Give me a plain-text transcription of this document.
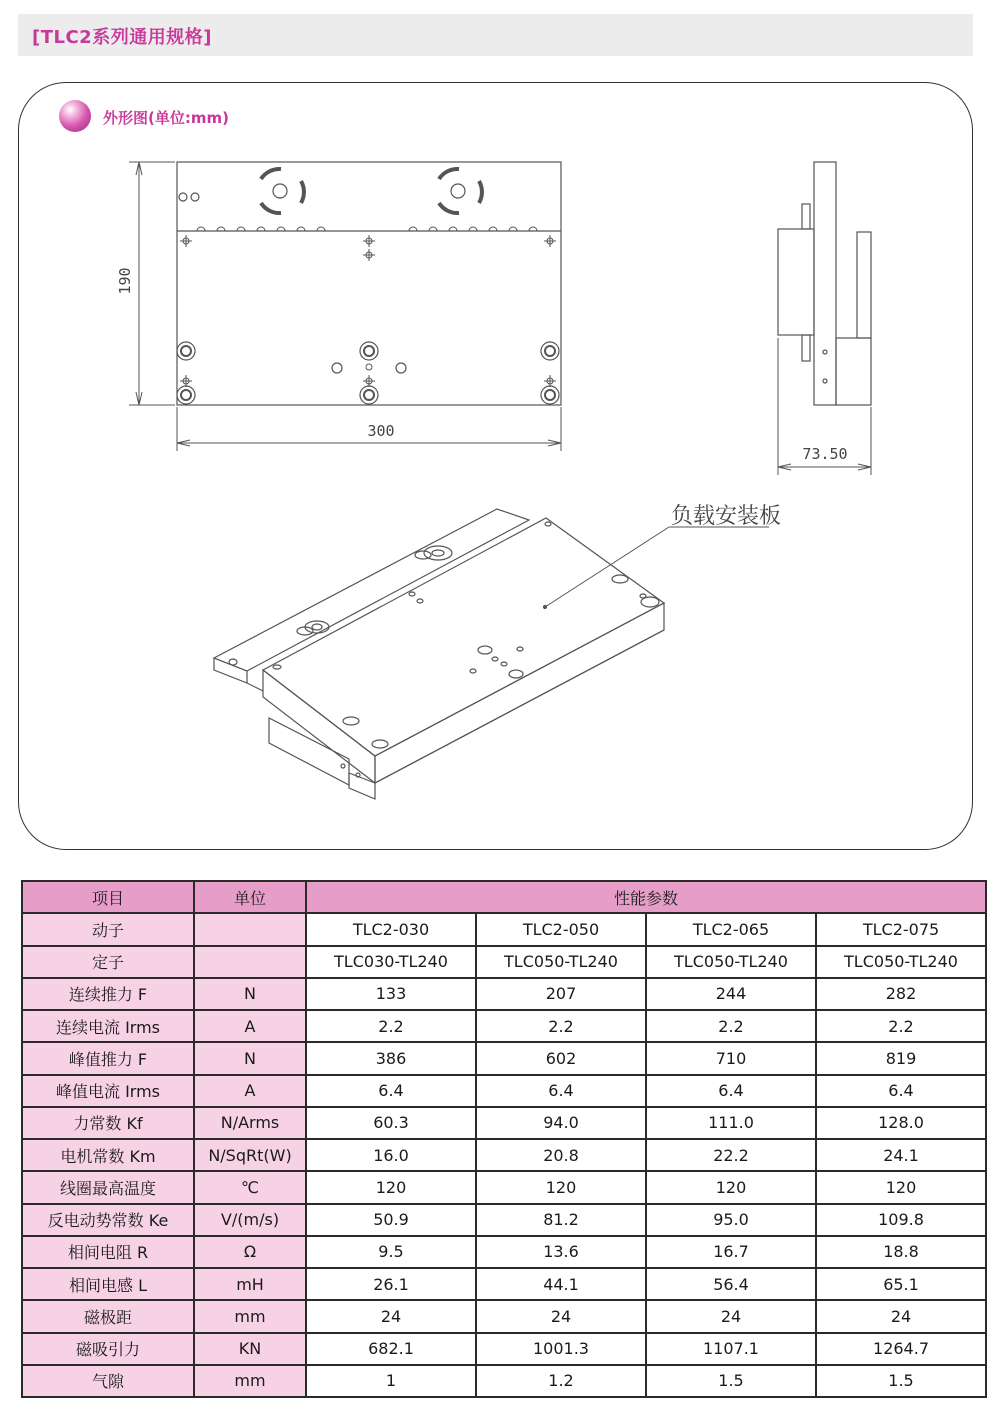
[TLC2系列通用规格]
外形图(单位:mm)
190
300
73.50
负载安装板
项目	单位	性能参数			
动子		TLC2-030	TLC2-050	TLC2-065	TLC2-075
定子		TLC030-TL240	TLC050-TL240	TLC050-TL240	TLC050-TL240
连续推力 F	N	133	207	244	282
连续电流 Irms	A	2.2	2.2	2.2	2.2
峰值推力 F	N	386	602	710	819
峰值电流 Irms	A	6.4	6.4	6.4	6.4
力常数 Kf	N/Arms	60.3	94.0	111.0	128.0
电机常数 Km	N/SqRt(W)	16.0	20.8	22.2	24.1
线圈最高温度	℃	120	120	120	120
反电动势常数 Ke	V/(m/s)	50.9	81.2	95.0	109.8
相间电阻 R	Ω	9.5	13.6	16.7	18.8
相间电感 L	mH	26.1	44.1	56.4	65.1
磁极距	mm	24	24	24	24
磁吸引力	KN	682.1	1001.3	1107.1	1264.7
气隙	mm	1	1.2	1.5	1.5
